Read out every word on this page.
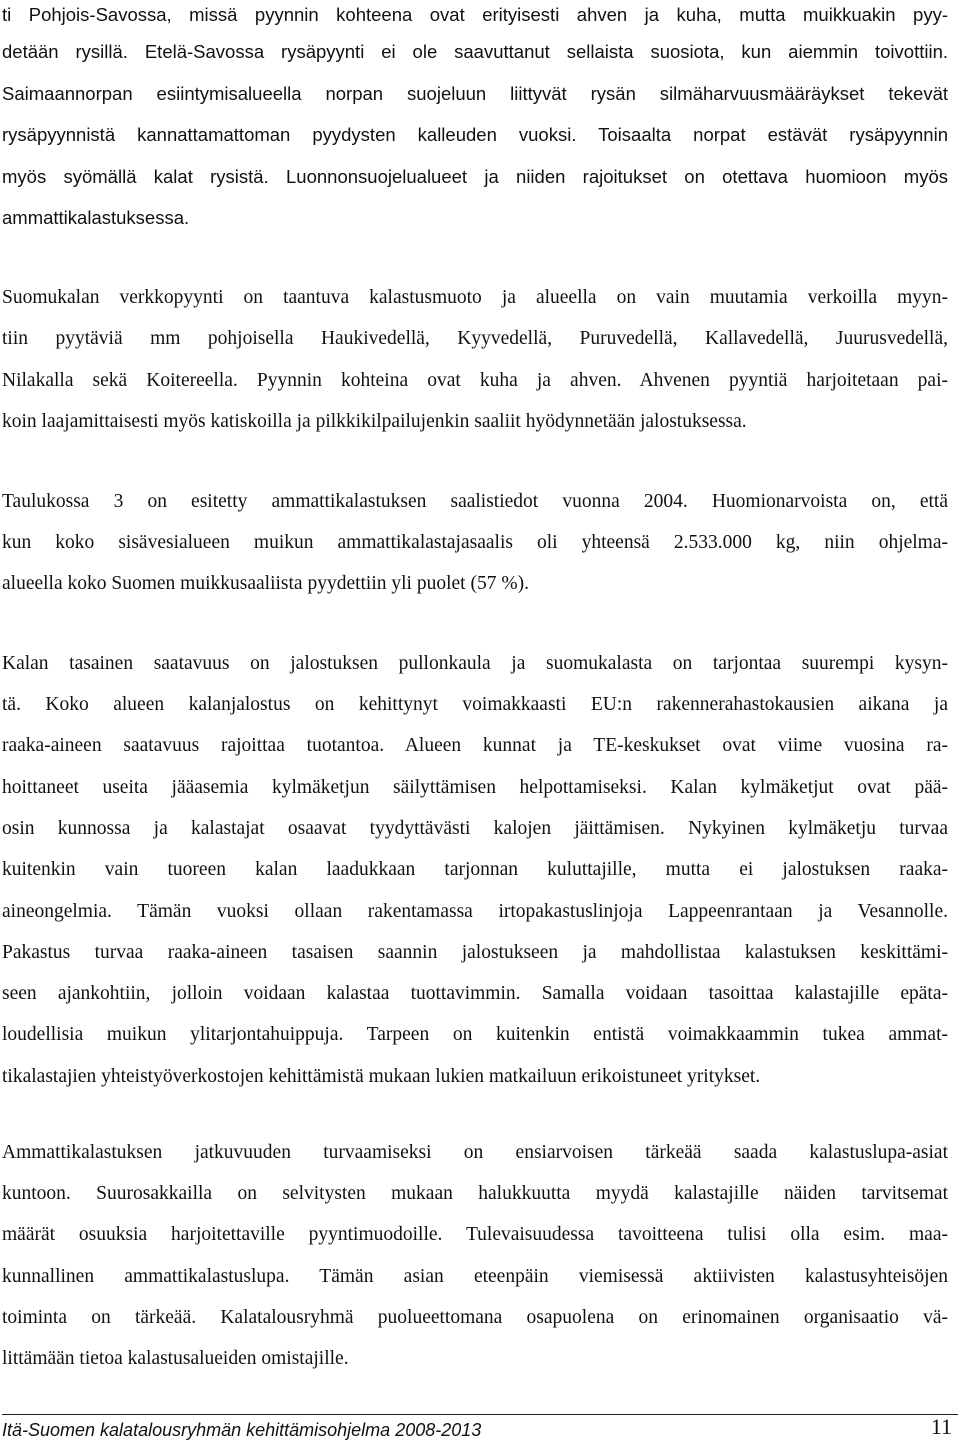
ti Pohjois-Savossa, missä pyynnin kohteena ovat erityisesti ahven ja kuha, mutta muikkuakin pyy-
detään rysillä. Etelä-Savossa rysäpyynti ei ole saavuttanut sellaista suosiota, kun aiemmin toivottiin.
Saimaannorpan esiintymisalueella norpan suojeluun liittyvät rysän silmäharvuusmääräykset tekevät
rysäpyynnistä kannattamattoman pyydysten kalleuden vuoksi. Toisaalta norpat estävät rysäpyynnin
myös syömällä kalat rysistä. Luonnonsuojelualueet ja niiden rajoitukset on otettava huomioon myös
ammattikalastuksessa.
Suomukalan verkkopyynti on taantuva kalastusmuoto ja alueella on vain muutamia verkoilla myyn-
tiin pyytäviä mm pohjoisella Haukivedellä, Kyyvedellä, Puruvedellä, Kallavedellä, Juurusvedellä,
Nilakalla sekä Koitereella. Pyynnin kohteina ovat kuha ja ahven. Ahvenen pyyntiä harjoitetaan pai-
koin laajamittaisesti myös katiskoilla ja pilkkikilpailujenkin saaliit hyödynnetään jalostuksessa.
Taulukossa 3 on esitetty ammattikalastuksen saalistiedot vuonna 2004. Huomionarvoista on, että
kun koko sisävesialueen muikun ammattikalastajasaalis oli yhteensä 2.533.000 kg, niin ohjelma-
alueella koko Suomen muikkusaaliista pyydettiin yli puolet (57 %).
Kalan tasainen saatavuus on jalostuksen pullonkaula ja suomukalasta on tarjontaa suurempi kysyn-
tä. Koko alueen kalanjalostus on kehittynyt voimakkaasti EU:n rakennerahastokausien aikana ja
raaka-aineen saatavuus rajoittaa tuotantoa. Alueen kunnat ja TE-keskukset ovat viime vuosina ra-
hoittaneet useita jääasemia kylmäketjun säilyttämisen helpottamiseksi. Kalan kylmäketjut ovat pää-
osin kunnossa ja kalastajat osaavat tyydyttävästi kalojen jäittämisen. Nykyinen kylmäketju turvaa
kuitenkin vain tuoreen kalan laadukkaan tarjonnan kuluttajille, mutta ei jalostuksen raaka-
aineongelmia. Tämän vuoksi ollaan rakentamassa irtopakastuslinjoja Lappeenrantaan ja Vesannolle.
Pakastus turvaa raaka-aineen tasaisen saannin jalostukseen ja mahdollistaa kalastuksen keskittämi-
seen ajankohtiin, jolloin voidaan kalastaa tuottavimmin. Samalla voidaan tasoittaa kalastajille epäta-
loudellisia muikun ylitarjontahuippuja. Tarpeen on kuitenkin entistä voimakkaammin tukea ammat-
tikalastajien yhteistyöverkostojen kehittämistä mukaan lukien matkailuun erikoistuneet yritykset.
Ammattikalastuksen jatkuvuuden turvaamiseksi on ensiarvoisen tärkeää saada kalastuslupa-asiat
kuntoon. Suurosakkailla on selvitysten mukaan halukkuutta myydä kalastajille näiden tarvitsemat
määrät osuuksia harjoitettaville pyyntimuodoille. Tulevaisuudessa tavoitteena tulisi olla esim. maa-
kunnallinen ammattikalastuslupa. Tämän asian eteenpäin viemisessä aktiivisten kalastusyhteisöjen
toiminta on tärkeää. Kalatalousryhmä puolueettomana osapuolena on erinomainen organisaatio vä-
littämään tietoa kalastusalueiden omistajille.
Itä-Suomen kalatalousryhmän kehittämisohjelma 2008-2013	11
